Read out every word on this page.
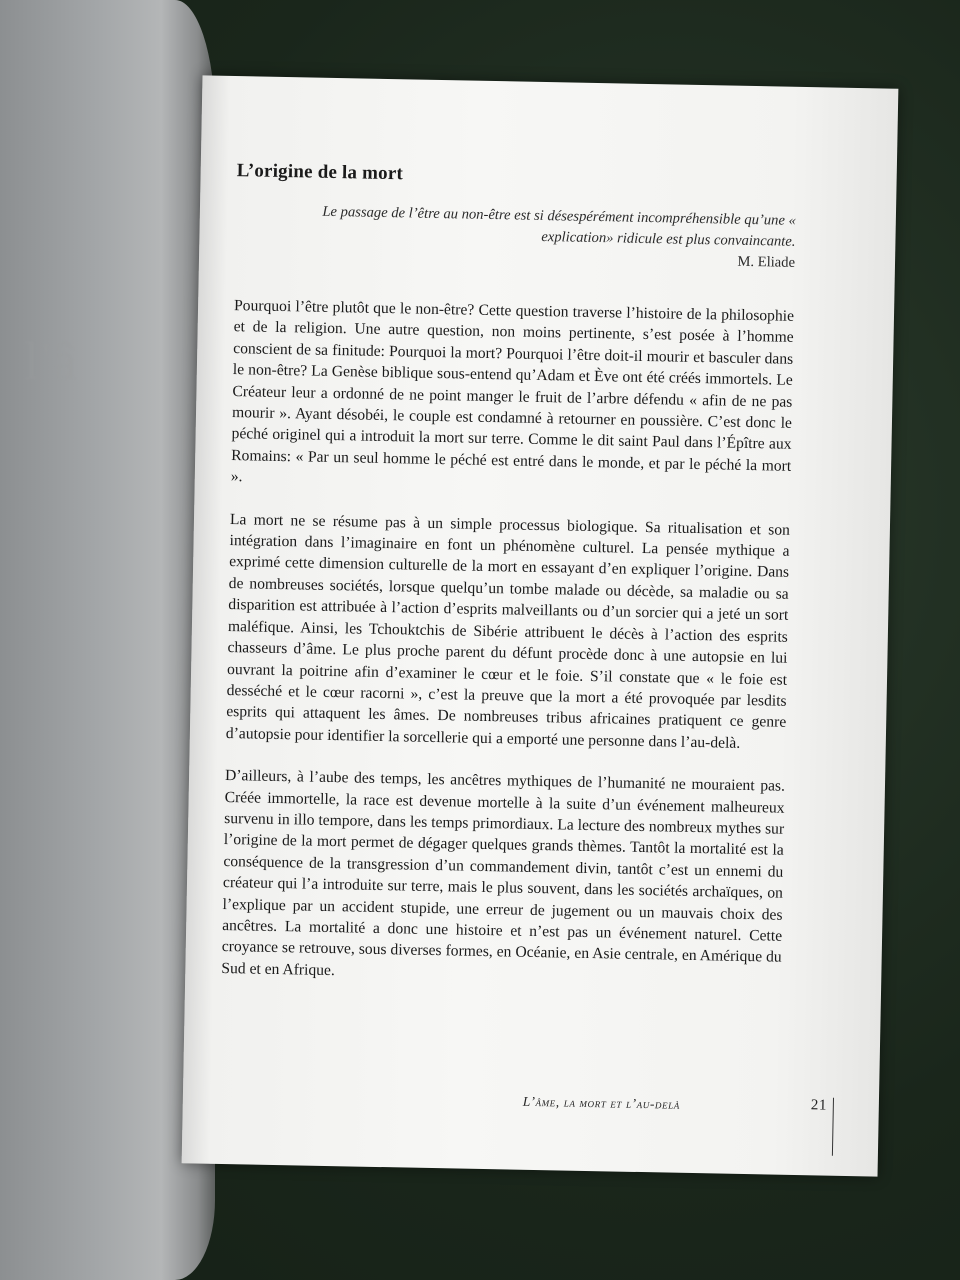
l'â
L’origine de la mort
Le passage de l’être au non-être est si désespérément incompréhensible qu’une « explication» ridicule est plus convaincante.
M. Eliade

Pourquoi l’être plutôt que le non-être? Cette question traverse l’histoire de la philosophie et de la religion. Une autre question, non moins pertinente, s’est posée à l’homme conscient de sa finitude: Pourquoi la mort? Pourquoi l’être doit-il mourir et basculer dans le non-être? La Genèse biblique sous-entend qu’Adam et Ève ont été créés immortels. Le Créateur leur a ordonné de ne point manger le fruit de l’arbre défendu « afin de ne pas mourir ». Ayant désobéi, le couple est condamné à retourner en poussière. C’est donc le péché originel qui a introduit la mort sur terre. Comme le dit saint Paul dans l’Épître aux Romains: « Par un seul homme le péché est entré dans le monde, et par le péché la mort ».

La mort ne se résume pas à un simple processus biologique. Sa ritualisation et son intégration dans l’imaginaire en font un phénomène culturel. La pensée mythique a exprimé cette dimension culturelle de la mort en essayant d’en expliquer l’origine. Dans de nombreuses sociétés, lorsque quelqu’un tombe malade ou décède, sa maladie ou sa disparition est attribuée à l’action d’esprits malveillants ou d’un sorcier qui a jeté un sort maléfique. Ainsi, les Tchouktchis de Sibérie attribuent le décès à l’action des esprits chasseurs d’âme. Le plus proche parent du défunt procède donc à une autopsie en lui ouvrant la poitrine afin d’examiner le cœur et le foie. S’il constate que « le foie est desséché et le cœur racorni », c’est la preuve que la mort a été provoquée par lesdits esprits qui attaquent les âmes. De nombreuses tribus africaines pratiquent ce genre d’autopsie pour identifier la sorcellerie qui a emporté une personne dans l’au-delà.

D’ailleurs, à l’aube des temps, les ancêtres mythiques de l’humanité ne mouraient pas. Créée immortelle, la race est devenue mortelle à la suite d’un événement malheureux survenu in illo tempore, dans les temps primordiaux. La lecture des nombreux mythes sur l’origine de la mort permet de dégager quelques grands thèmes. Tantôt la mortalité est la conséquence de la transgression d’un commandement divin, tantôt c’est un ennemi du créateur qui l’a introduite sur terre, mais le plus souvent, dans les sociétés archaïques, on l’explique par un accident stupide, une erreur de jugement ou un mauvais choix des ancêtres. La mortalité a donc une histoire et n’est pas un événement naturel. Cette croyance se retrouve, sous diverses formes, en Océanie, en Asie centrale, en Amérique du Sud et en Afrique.

L’âme, la mort et l’au-delà	21
